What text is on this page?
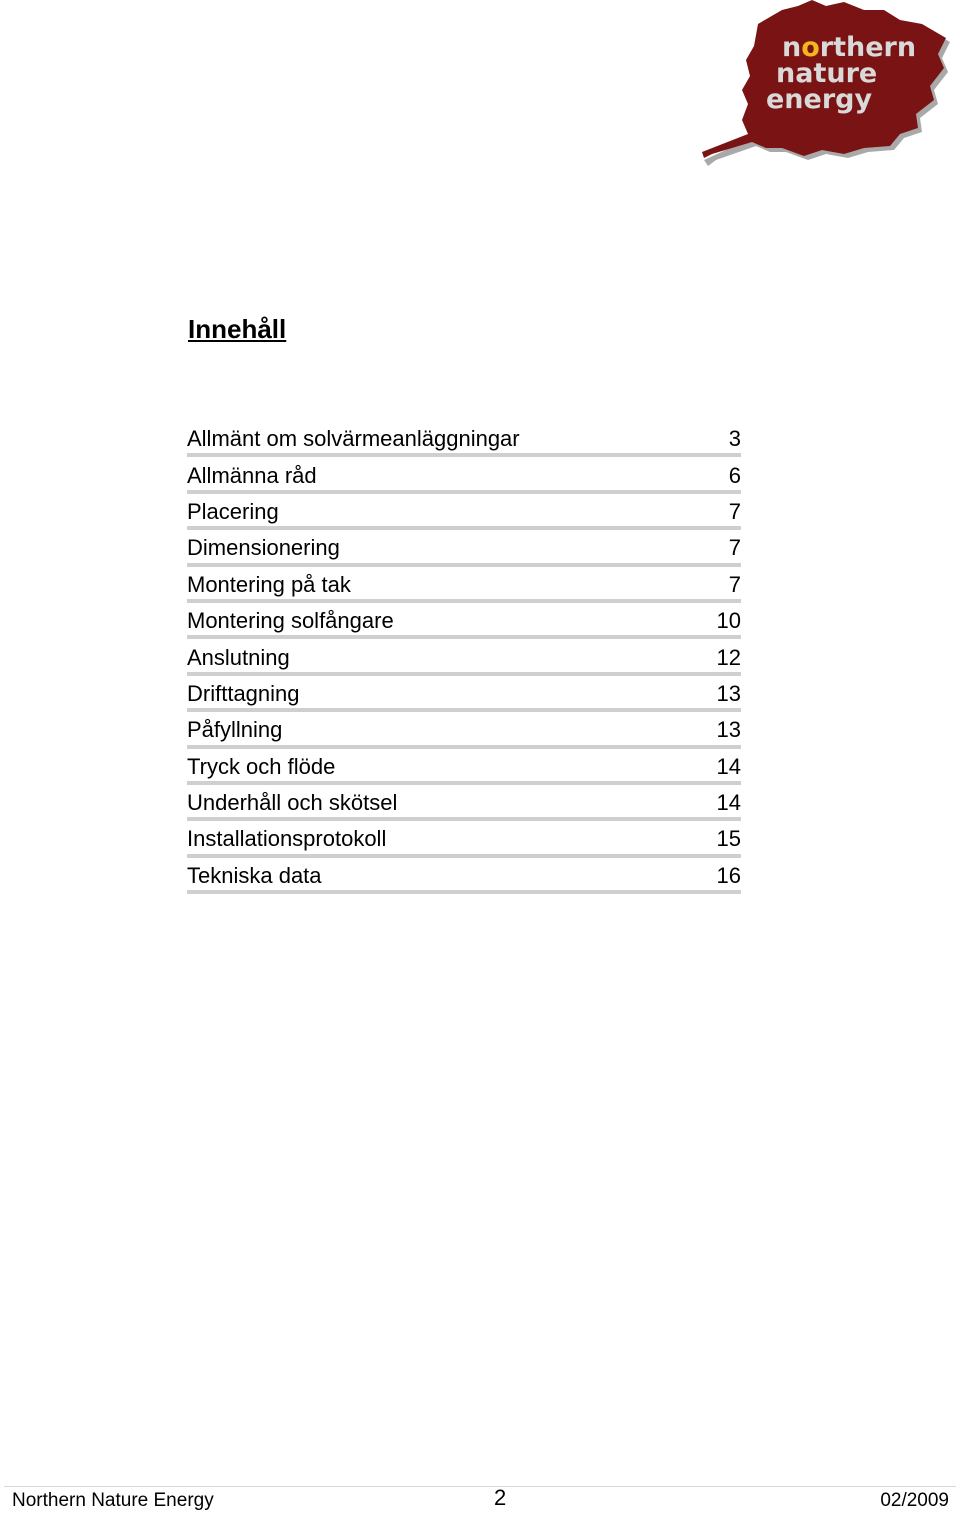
northern
nature
energy
Innehåll
Allmänt om solvärmeanläggningar	3
Allmänna råd	6
Placering	7
Dimensionering	7
Montering på tak	7
Montering solfångare	10
Anslutning	12
Drifttagning	13
Påfyllning	13
Tryck och flöde	14
Underhåll och skötsel	14
Installationsprotokoll	15
Tekniska data	16
Northern Nature Energy	2	02/2009
